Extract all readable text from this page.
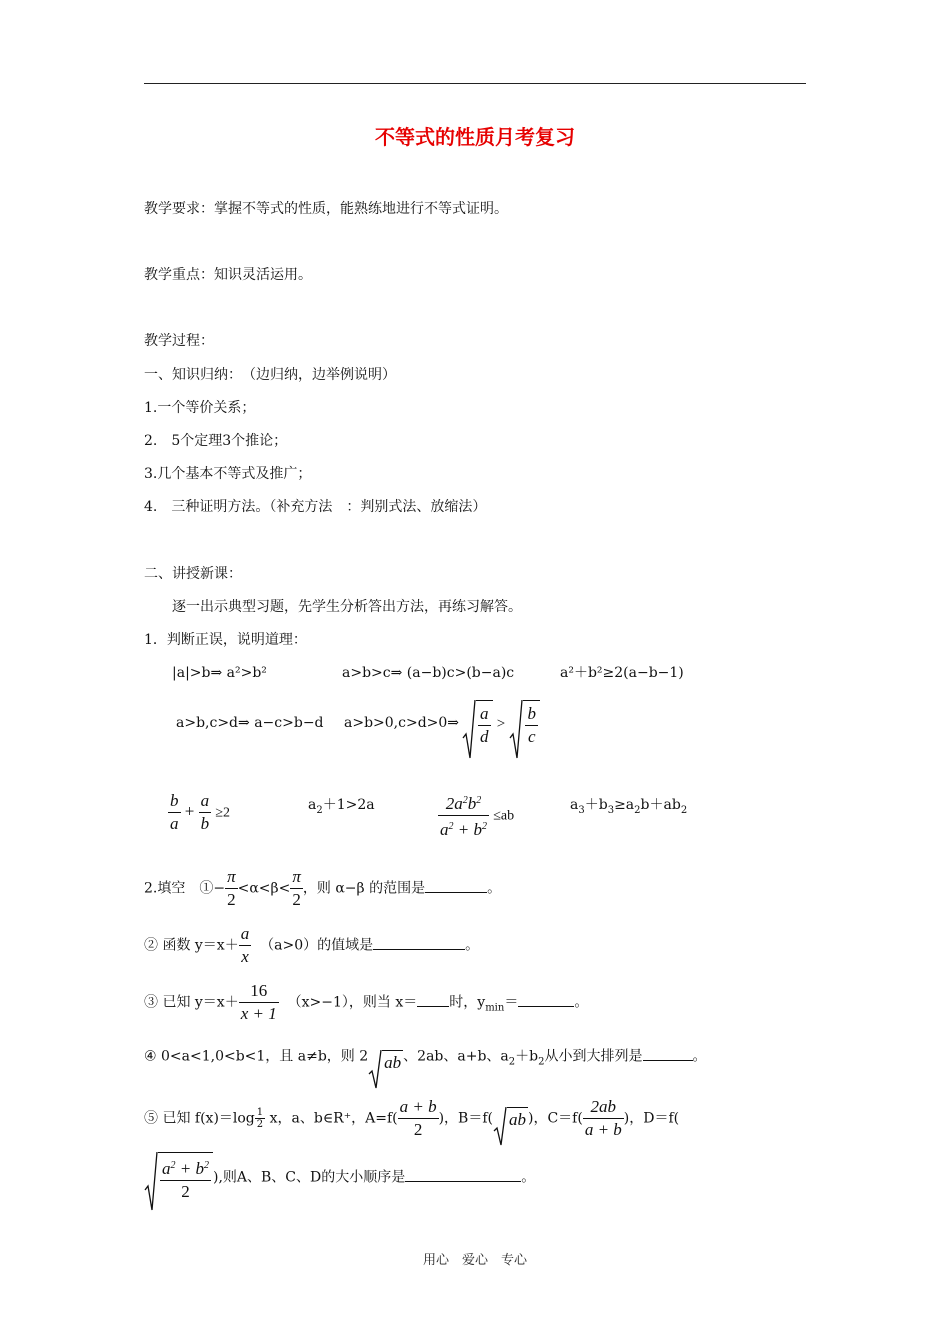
不等式的性质月考复习
教学要求：掌握不等式的性质，能熟练地进行不等式证明。
教学重点：知识灵活运用。
教学过程：
一、知识归纳：　（边归纳，边举例说明）
1.一个等价关系；
2.　5个定理3个推论；
3.几个基本不等式及推广；
4.　三种证明方法。（补充方法　：判别式法、放缩法）
二、讲授新课：
逐一出示典型习题，先学生分析答出方法，再练习解答。
1．判断正误，说明道理：
|a|>b⇒ a²>b²	a>b>c⇒ (a−b)c>(b−a)c	a²＋b²≥2(a−b−1)
a>b,c>d⇒ a−c>b−d a>b>0,c>d>0⇒ $\frac{a}{d} > \frac{b}{c}$
$\frac{b}{a} + \frac{a}{b} \ge 2$	$a_2+1>2a$	$\frac{2a^2b^2}{a^2 + b^2} \le ab$
$a_3+b_3\ge a_2b+ab_2$
2.填空　①− $\frac{\pi}{2} <\alpha<\beta< \frac{\pi}{2}$ ，则 α−β 的范围是	。
② 函数 $y=x+ \frac{a}{x} (a>0)$的值域是	。
③ 已知 $y=x+ \frac{16}{x + 1} (x>-1)$，则当 x＝ 时，$y_{min}=$	。
④ 0<a<1,0<b<1，且 a≠b，则 2 ab 、2ab、a+b、$a_2+b_2$从小到大排列是	。
⑤ 已知 $f(x)=\log \frac{1}{2}$ x，a、b∈R⁺，$A=f( \frac{a + b}{2}$ )，B＝f( ab )，$C=f( \frac{2ab}{a + b}$ )，D＝f(
$\frac{a^2 + b^2}{2}$ ),则A、B、C、D的大小顺序是	。
用心　爱心　专心
